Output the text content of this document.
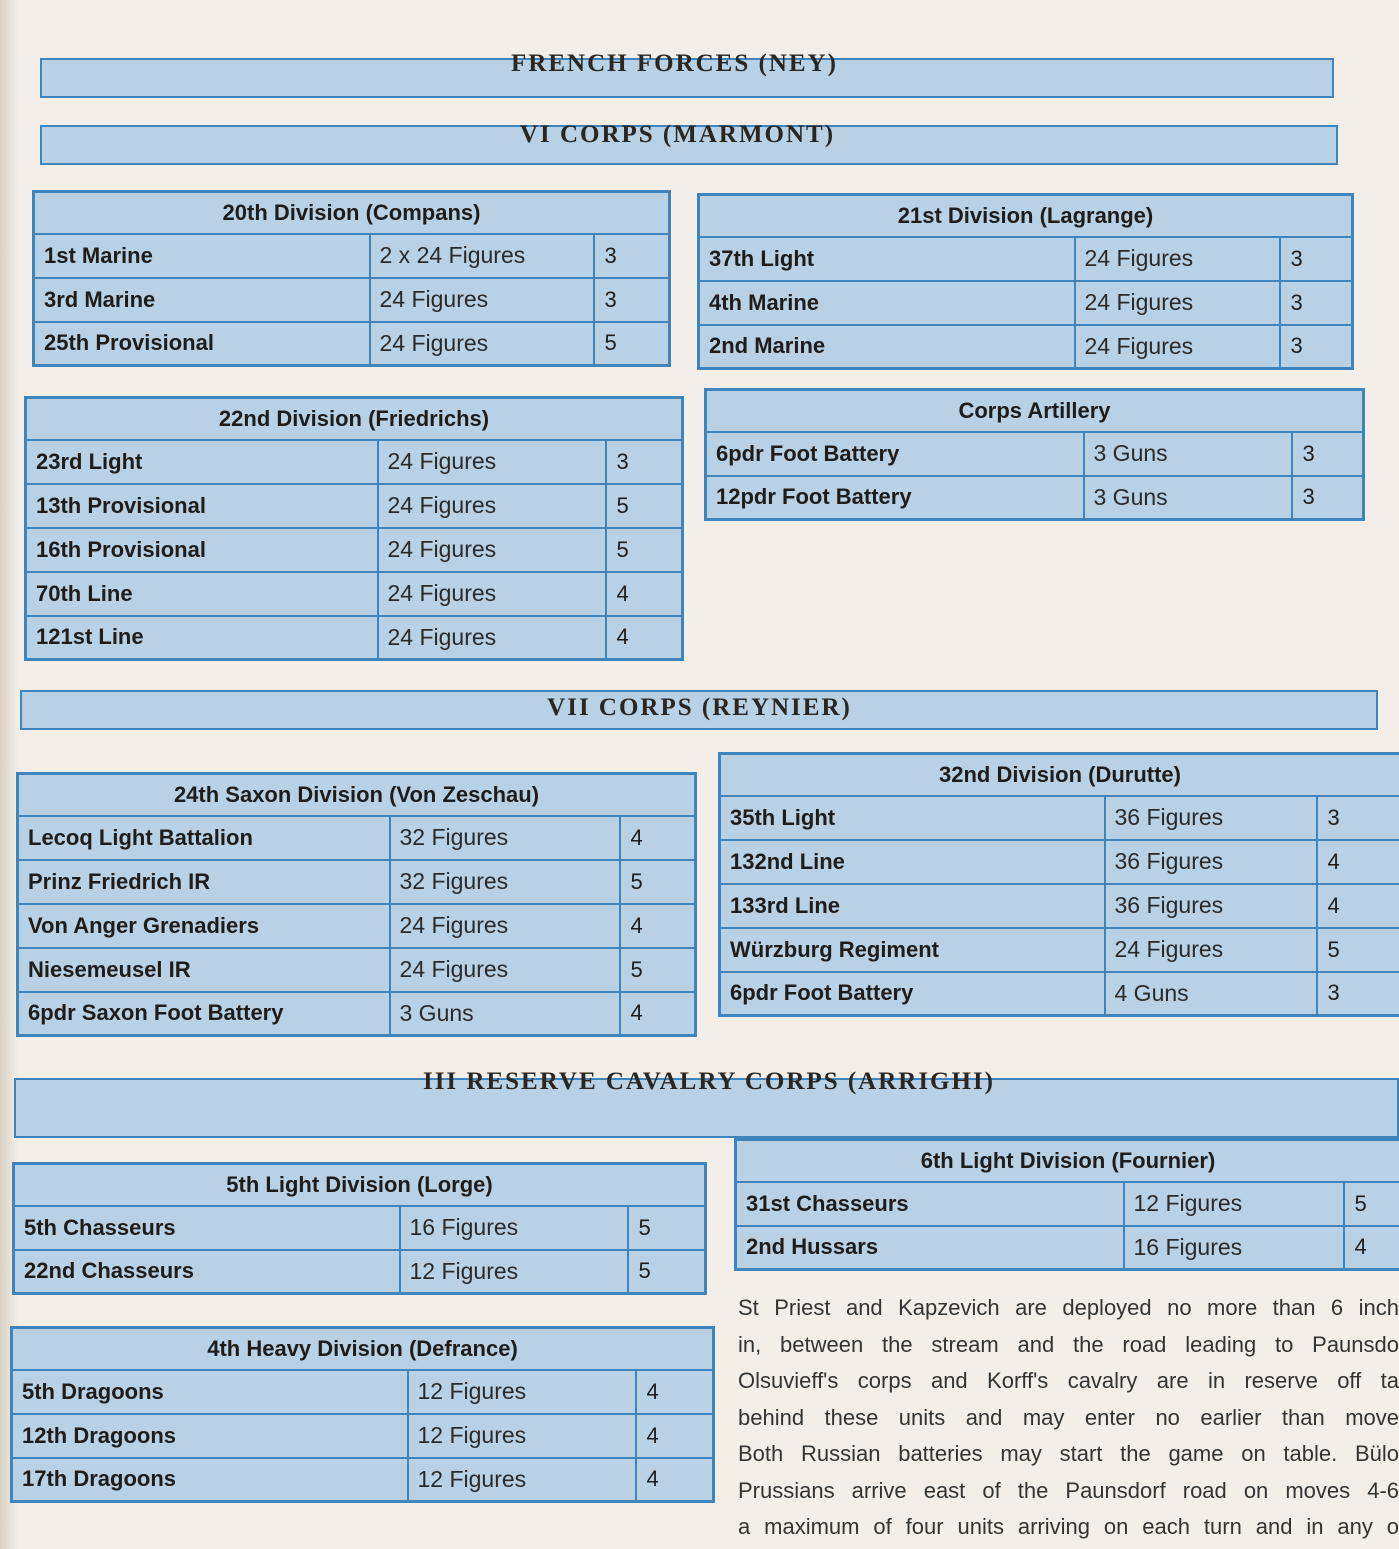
FRENCH FORCES (NEY)
VI CORPS (MARMONT)
VII CORPS (REYNIER)
III RESERVE CAVALRY CORPS (ARRIGHI)
20th Division (Compans)		
1st Marine	2 x 24 Figures	3
3rd Marine	24 Figures	3
25th Provisional	24 Figures	5
21st Division (Lagrange)		
37th Light	24 Figures	3
4th Marine	24 Figures	3
2nd Marine	24 Figures	3
22nd Division (Friedrichs)		
23rd Light	24 Figures	3
13th Provisional	24 Figures	5
16th Provisional	24 Figures	5
70th Line	24 Figures	4
121st Line	24 Figures	4
Corps Artillery		
6pdr Foot Battery	3 Guns	3
12pdr Foot Battery	3 Guns	3
24th Saxon Division (Von Zeschau)		
Lecoq Light Battalion	32 Figures	4
Prinz Friedrich IR	32 Figures	5
Von Anger Grenadiers	24 Figures	4
Niesemeusel IR	24 Figures	5
6pdr Saxon Foot Battery	3 Guns	4
32nd Division (Durutte)		
35th Light	36 Figures	3
132nd Line	36 Figures	4
133rd Line	36 Figures	4
Würzburg Regiment	24 Figures	5
6pdr Foot Battery	4 Guns	3
5th Light Division (Lorge)		
5th Chasseurs	16 Figures	5
22nd Chasseurs	12 Figures	5
6th Light Division (Fournier)		
31st Chasseurs	12 Figures	5
2nd Hussars	16 Figures	4
4th Heavy Division (Defrance)		
5th Dragoons	12 Figures	4
12th Dragoons	12 Figures	4
17th Dragoons	12 Figures	4
St Priest and Kapzevich are deployed no more than 6 inch
in, between the stream and the road leading to Paunsdo
Olsuvieff's corps and Korff's cavalry are in reserve off ta
behind these units and may enter no earlier than move
Both Russian batteries may start the game on table. Bülo
Prussians arrive east of the Paunsdorf road on moves 4-6
a maximum of four units arriving on each turn and in any o
